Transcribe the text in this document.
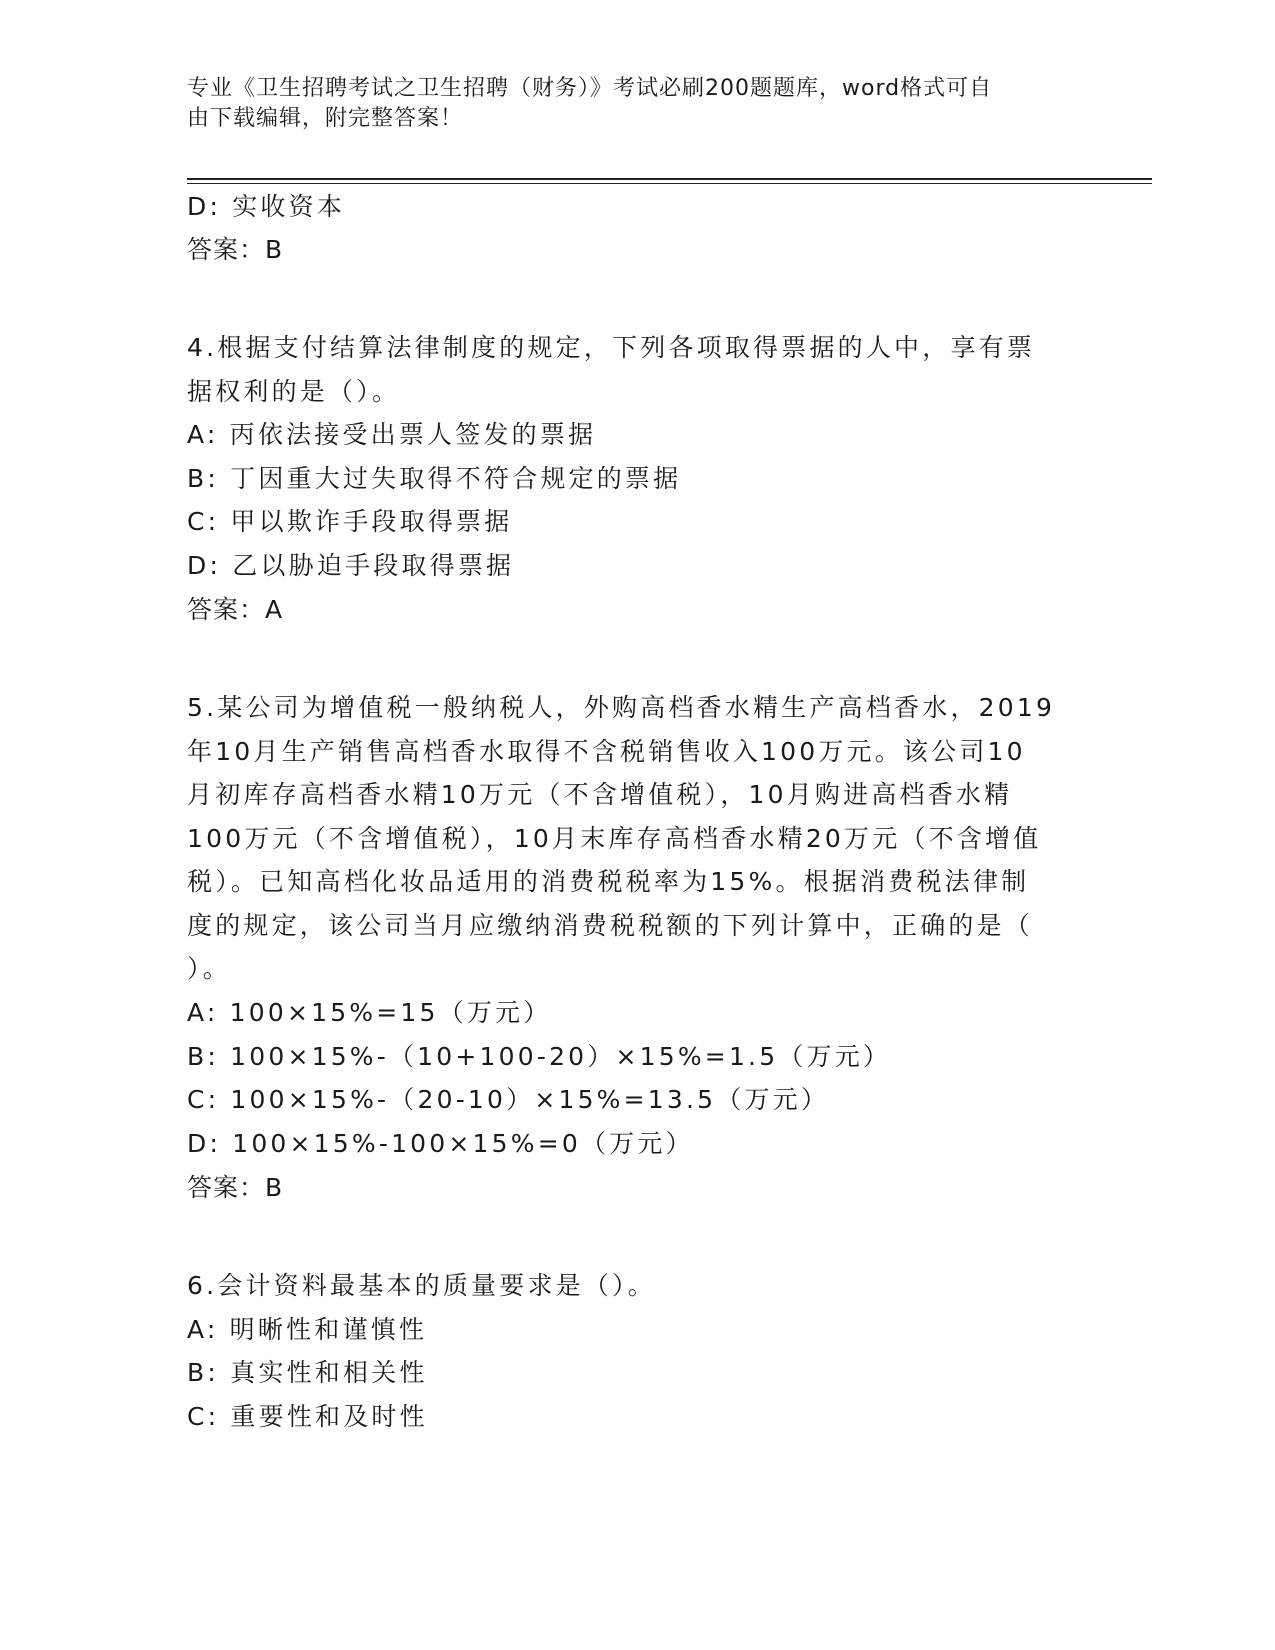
专业《卫生招聘考试之卫生招聘（财务）》考试必刷200题题库，word格式可自
由下载编辑，附完整答案！
D: 实收资本
答案：B
4.根据支付结算法律制度的规定，下列各项取得票据的人中，享有票
据权利的是（）。
A: 丙依法接受出票人签发的票据
B: 丁因重大过失取得不符合规定的票据
C: 甲以欺诈手段取得票据
D: 乙以胁迫手段取得票据
答案：A
5.某公司为增值税一般纳税人，外购高档香水精生产高档香水，2019
年10月生产销售高档香水取得不含税销售收入100万元。该公司10
月初库存高档香水精10万元（不含增值税），10月购进高档香水精
100万元（不含增值税），10月末库存高档香水精20万元（不含增值
税）。已知高档化妆品适用的消费税税率为15%。根据消费税法律制
度的规定，该公司当月应缴纳消费税税额的下列计算中，正确的是（
）。
A: 100×15%=15（万元）
B: 100×15%-（10+100-20）×15%=1.5（万元）
C: 100×15%-（20-10）×15%=13.5（万元）
D: 100×15%-100×15%=0（万元）
答案：B
6.会计资料最基本的质量要求是（）。
A: 明晰性和谨慎性
B: 真实性和相关性
C: 重要性和及时性
